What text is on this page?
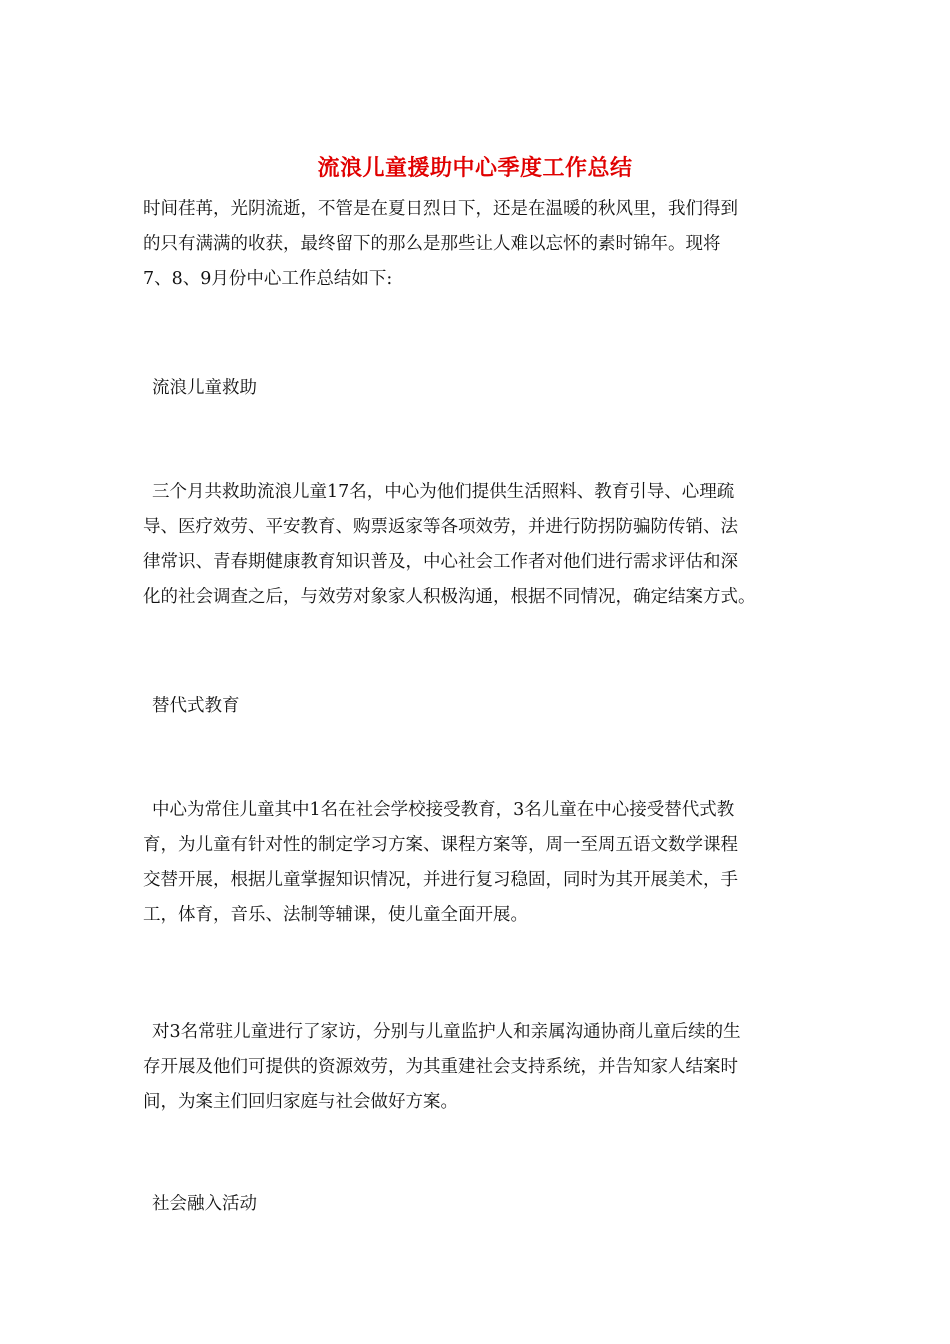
流浪儿童援助中心季度工作总结
时间荏苒，光阴流逝，不管是在夏日烈日下，还是在温暖的秋风里，我们得到
的只有满满的收获，最终留下的那么是那些让人难以忘怀的素时锦年。现将
7、8、9月份中心工作总结如下:
流浪儿童救助
三个月共救助流浪儿童17名，中心为他们提供生活照料、教育引导、心理疏
导、医疗效劳、平安教育、购票返家等各项效劳，并进行防拐防骗防传销、法
律常识、青春期健康教育知识普及，中心社会工作者对他们进行需求评估和深
化的社会调查之后，与效劳对象家人积极沟通，根据不同情况，确定结案方式。
替代式教育
中心为常住儿童其中1名在社会学校接受教育，3名儿童在中心接受替代式教
育，为儿童有针对性的制定学习方案、课程方案等，周一至周五语文数学课程
交替开展，根据儿童掌握知识情况，并进行复习稳固，同时为其开展美术，手
工，体育，音乐、法制等辅课，使儿童全面开展。
对3名常驻儿童进行了家访，分别与儿童监护人和亲属沟通协商儿童后续的生
存开展及他们可提供的资源效劳，为其重建社会支持系统，并告知家人结案时
间，为案主们回归家庭与社会做好方案。
社会融入活动
